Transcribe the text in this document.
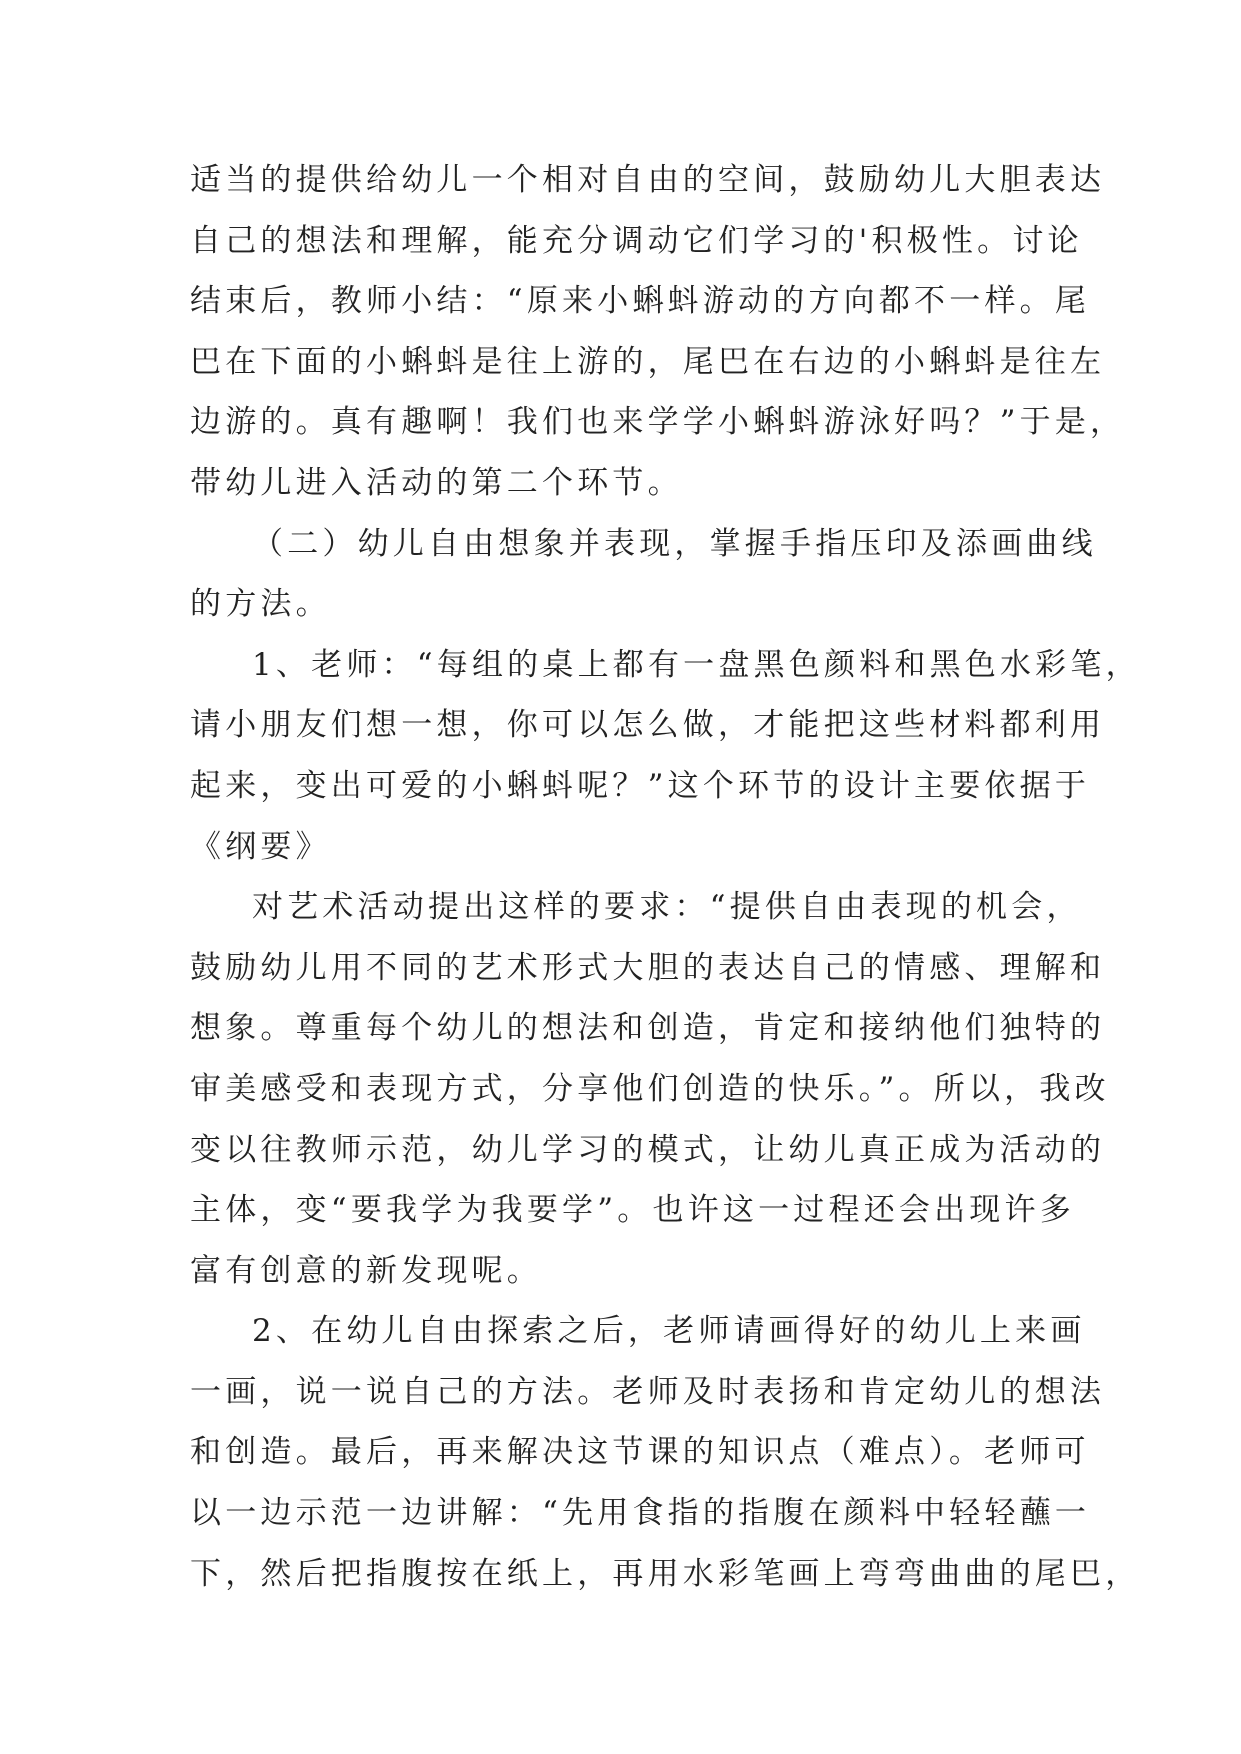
适当的提供给幼儿一个相对自由的空间，鼓励幼儿大胆表达
自己的想法和理解，能充分调动它们学习的'积极性。讨论
结束后，教师小结：“原来小蝌蚪游动的方向都不一样。尾
巴在下面的小蝌蚪是往上游的，尾巴在右边的小蝌蚪是往左
边游的。真有趣啊！我们也来学学小蝌蚪游泳好吗？”于是，
带幼儿进入活动的第二个环节。

（二）幼儿自由想象并表现，掌握手指压印及添画曲线
的方法。

1、老师：“每组的桌上都有一盘黑色颜料和黑色水彩笔，
请小朋友们想一想，你可以怎么做，才能把这些材料都利用
起来，变出可爱的小蝌蚪呢？”这个环节的设计主要依据于
《纲要》

对艺术活动提出这样的要求：“提供自由表现的机会，
鼓励幼儿用不同的艺术形式大胆的表达自己的情感、理解和
想象。尊重每个幼儿的想法和创造，肯定和接纳他们独特的
审美感受和表现方式，分享他们创造的快乐。”。所以，我改
变以往教师示范，幼儿学习的模式，让幼儿真正成为活动的
主体，变“要我学为我要学”。也许这一过程还会出现许多
富有创意的新发现呢。

2、在幼儿自由探索之后，老师请画得好的幼儿上来画
一画，说一说自己的方法。老师及时表扬和肯定幼儿的想法
和创造。最后，再来解决这节课的知识点（难点）。老师可
以一边示范一边讲解：“先用食指的指腹在颜料中轻轻蘸一
下，然后把指腹按在纸上，再用水彩笔画上弯弯曲曲的尾巴，
